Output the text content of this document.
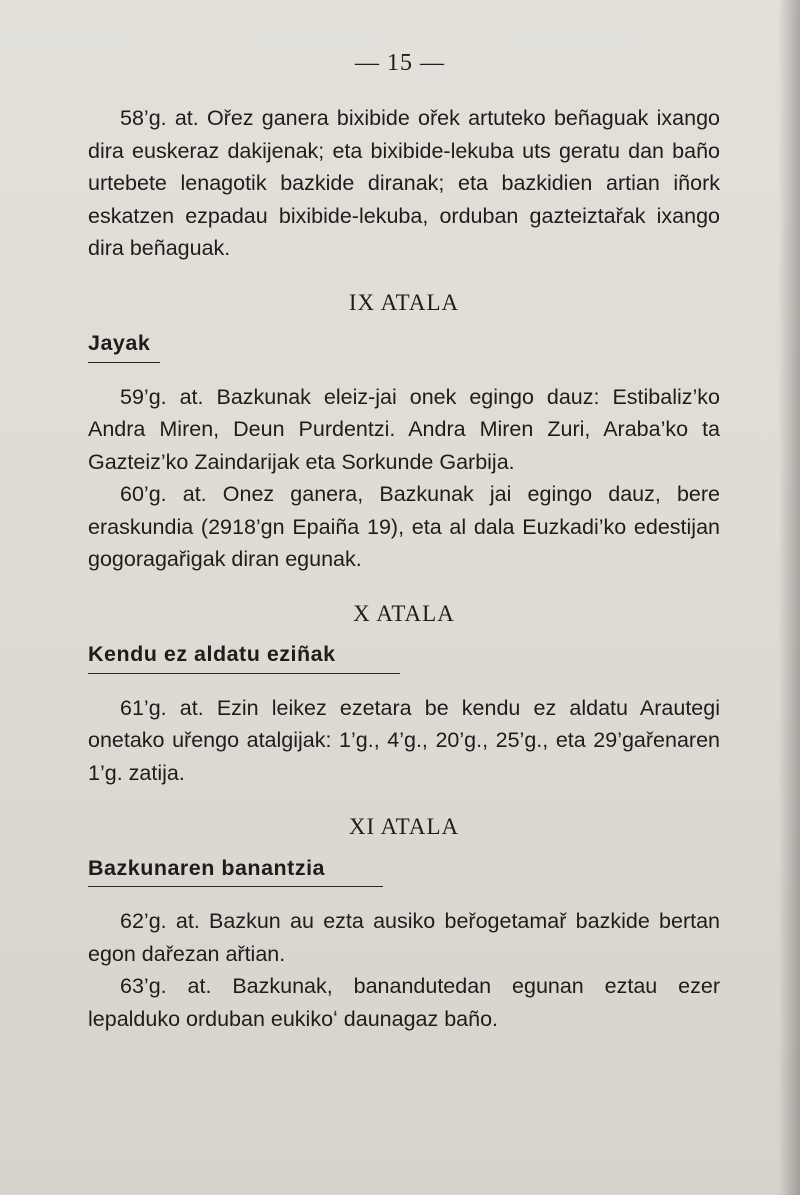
— 15 —

58’g. at. Ořez ganera bixibide ořek artuteko beñaguak ixango dira euskeraz dakijenak; eta bixibide-lekuba uts geratu dan baño urtebete lenagotik bazkide diranak; eta bazkidien artian iñork eskatzen ezpadau bixibide-lekuba, orduban gazteiztařak ixango dira beñaguak.

IX ATALA
Jayak

59’g. at. Bazkunak eleiz-jai onek egingo dauz: Estibaliz’ko Andra Miren, Deun Purdentzi. Andra Miren Zuri, Araba’ko ta Gazteiz’ko Zaindarijak eta Sorkunde Garbija.

60’g. at. Onez ganera, Bazkunak jai egingo dauz, bere eraskundia (2918’gn Epaiña 19), eta al dala Euzkadi’ko edestijan gogoragařigak diran egunak.

X ATALA
Kendu ez aldatu eziñak

61’g. at. Ezin leikez ezetara be kendu ez aldatu Arautegi onetako uřengo atalgijak: 1’g., 4’g., 20’g., 25’g., eta 29’gařenaren 1’g. zatija.

XI ATALA
Bazkunaren banantzia

62’g. at. Bazkun au ezta ausiko beřogetamař bazkide bertan egon dařezan ařtian.

63’g. at. Bazkunak, banandutedan egunan eztau ezer lepalduko orduban eukikoʻ daunagaz baño.
